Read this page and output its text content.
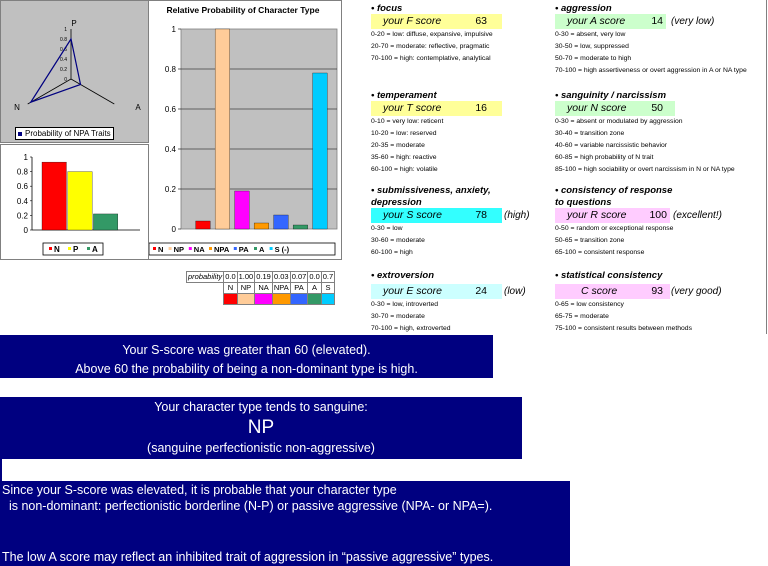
1
0.8
0.6
0.4
0.2
0
P
N	A
Probability of NPA Traits
1
0.8
0.6
0.4
0.2
0
N P A
Relative Probability of Character Type
1
0.8
0.6
0.4
0.2
0
N NP NA NPA PA A S (-)
probability	0.0	1.00	0.19	0.03	0.07	0.0	0.7
	N	NP	NA	NPA	PA	A	S

• focus
your F score	63
0-20 = low: diffuse, expansive, impulsive
20-70 = moderate: reflective, pragmatic
70-100 = high: contemplative, analytical
• temperament
your T score	16
0-10 = very low: reticent
10-20 = low: reserved
20-35 = moderate
35-60 = high: reactive
60-100 = high: volatile
• submissiveness, anxiety,
depression
your S score	78 (high)
0-30 = low
30-60 = moderate
60-100 = high
• extroversion
your E score	24 (low)
0-30 = low, introverted
30-70 = moderate
70-100 = high, extroverted
• aggression
your A score	14 (very low)
0-30 = absent, very low
30-50 = low, suppressed
50-70 = moderate to high
70-100 = high assertiveness or overt aggression in A or NA type
• sanguinity / narcissism
your N score	50
0-30 = absent or modulated by aggression
30-40 = transition zone
40-60 = variable narcissistic behavior
60-85 = high probability of N trait
85-100 = high sociability or overt narcissism in N or NA type
• consistency of response
to questions
your R score	100 (excellent!)
0-50 = random or exceptional response
50-65 = transition zone
65-100 = consistent response
• statistical consistency
C score	93 (very good)
0-65 = low consistency
65-75 = moderate
75-100 = consistent results between methods
Your S-score was greater than 60 (elevated).
Above 60 the probability of being a non-dominant type is high.
Your character type tends to sanguine:
NP
(sanguine perfectionistic non-aggressive)
Since your S-score was elevated, it is probable that your character type
is non-dominant: perfectionistic borderline (N-P) or passive aggressive (NPA- or NPA=).
The low A score may reflect an inhibited trait of aggression in “passive aggressive” types.
